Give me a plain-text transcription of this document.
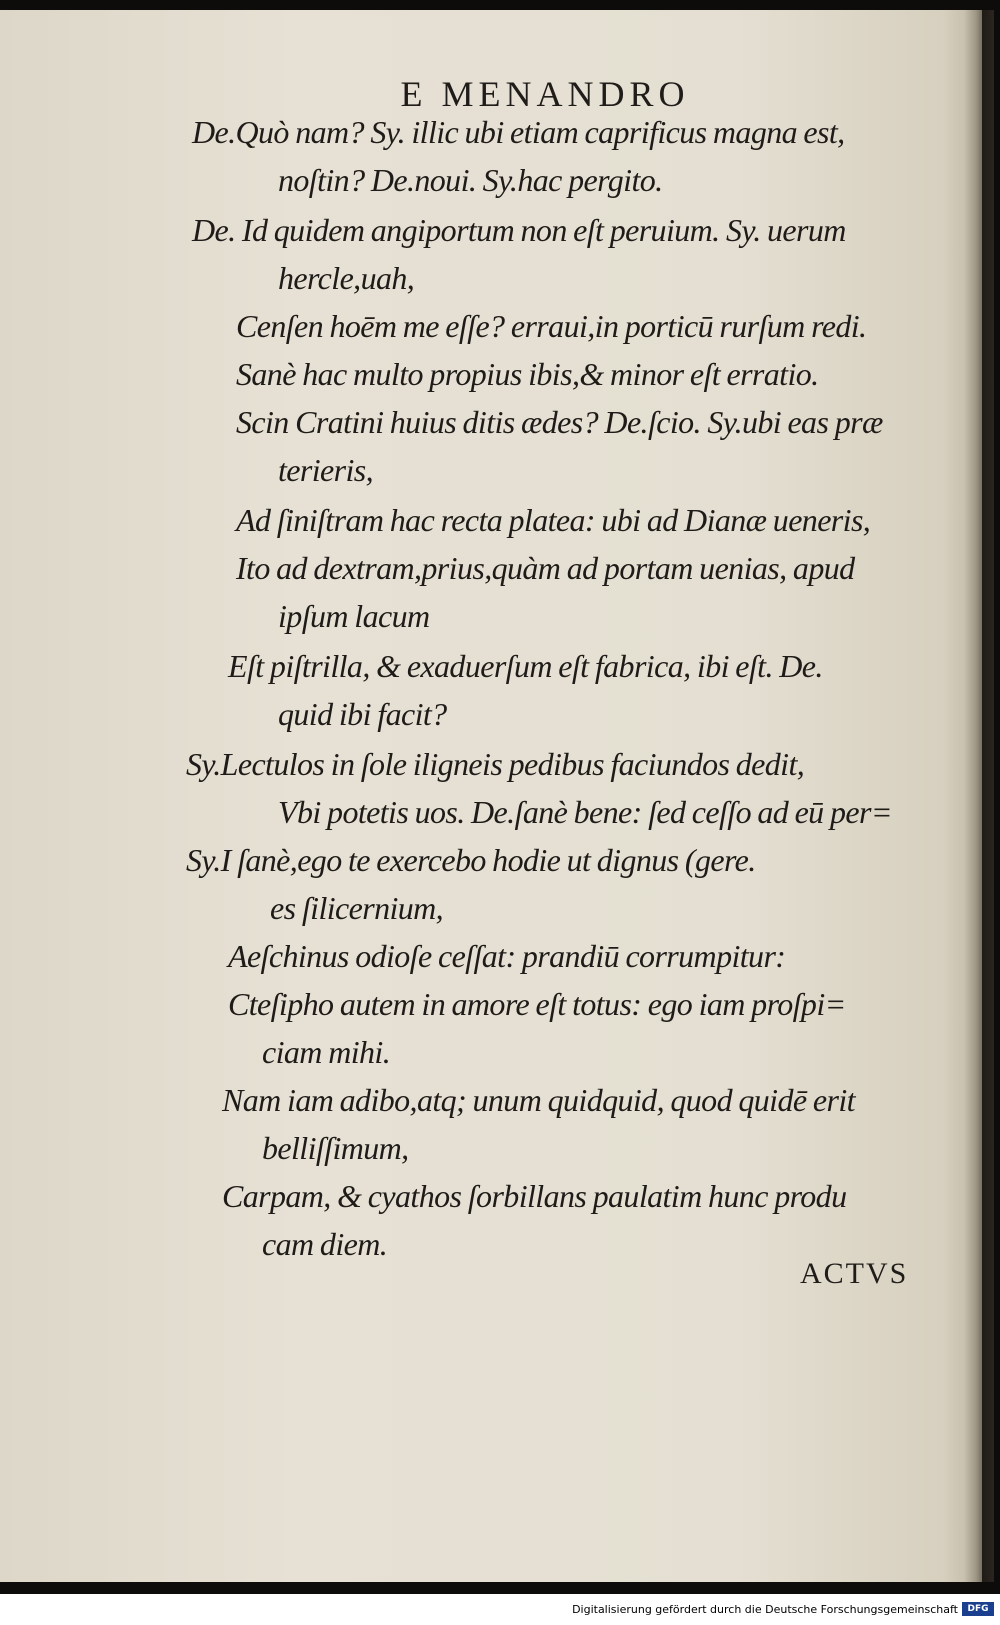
E MENANDRO
De.Quò nam? Sy. illic ubi etiam caprificus magna est,
noſtin? De.noui. Sy.hac pergito.
De. Id quidem angiportum non eſt peruium. Sy. uerum
hercle,uah,
Cenſen hoēm me eſſe? erraui,in porticū rurſum redi.
Sanè hac multo propius ibis,& minor eſt erratio.
Scin Cratini huius ditis ædes? De.ſcio. Sy.ubi eas præ
terieris,
Ad ſiniſtram hac recta platea: ubi ad Dianæ ueneris,
Ito ad dextram,prius,quàm ad portam uenias, apud
ipſum lacum
Eſt piſtrilla, & exaduerſum eſt fabrica, ibi eſt. De.
quid ibi facit?
Sy.Lectulos in ſole iligneis pedibus faciundos dedit,
Vbi potetis uos. De.ſanè bene: ſed ceſſo ad eū per=
Sy.I ſanè,ego te exercebo hodie ut dignus (gere.
es ſilicernium,
Aeſchinus odioſe ceſſat: prandiū corrumpitur:
Cteſipho autem in amore eſt totus: ego iam proſpi=
ciam mihi.
Nam iam adibo,atq; unum quidquid, quod quidē erit
belliſſimum,
Carpam, & cyathos ſorbillans paulatim hunc produ
cam diem.
ACTVS
Digitalisierung gefördert durch die Deutsche Forschungsgemeinschaft	DFG
